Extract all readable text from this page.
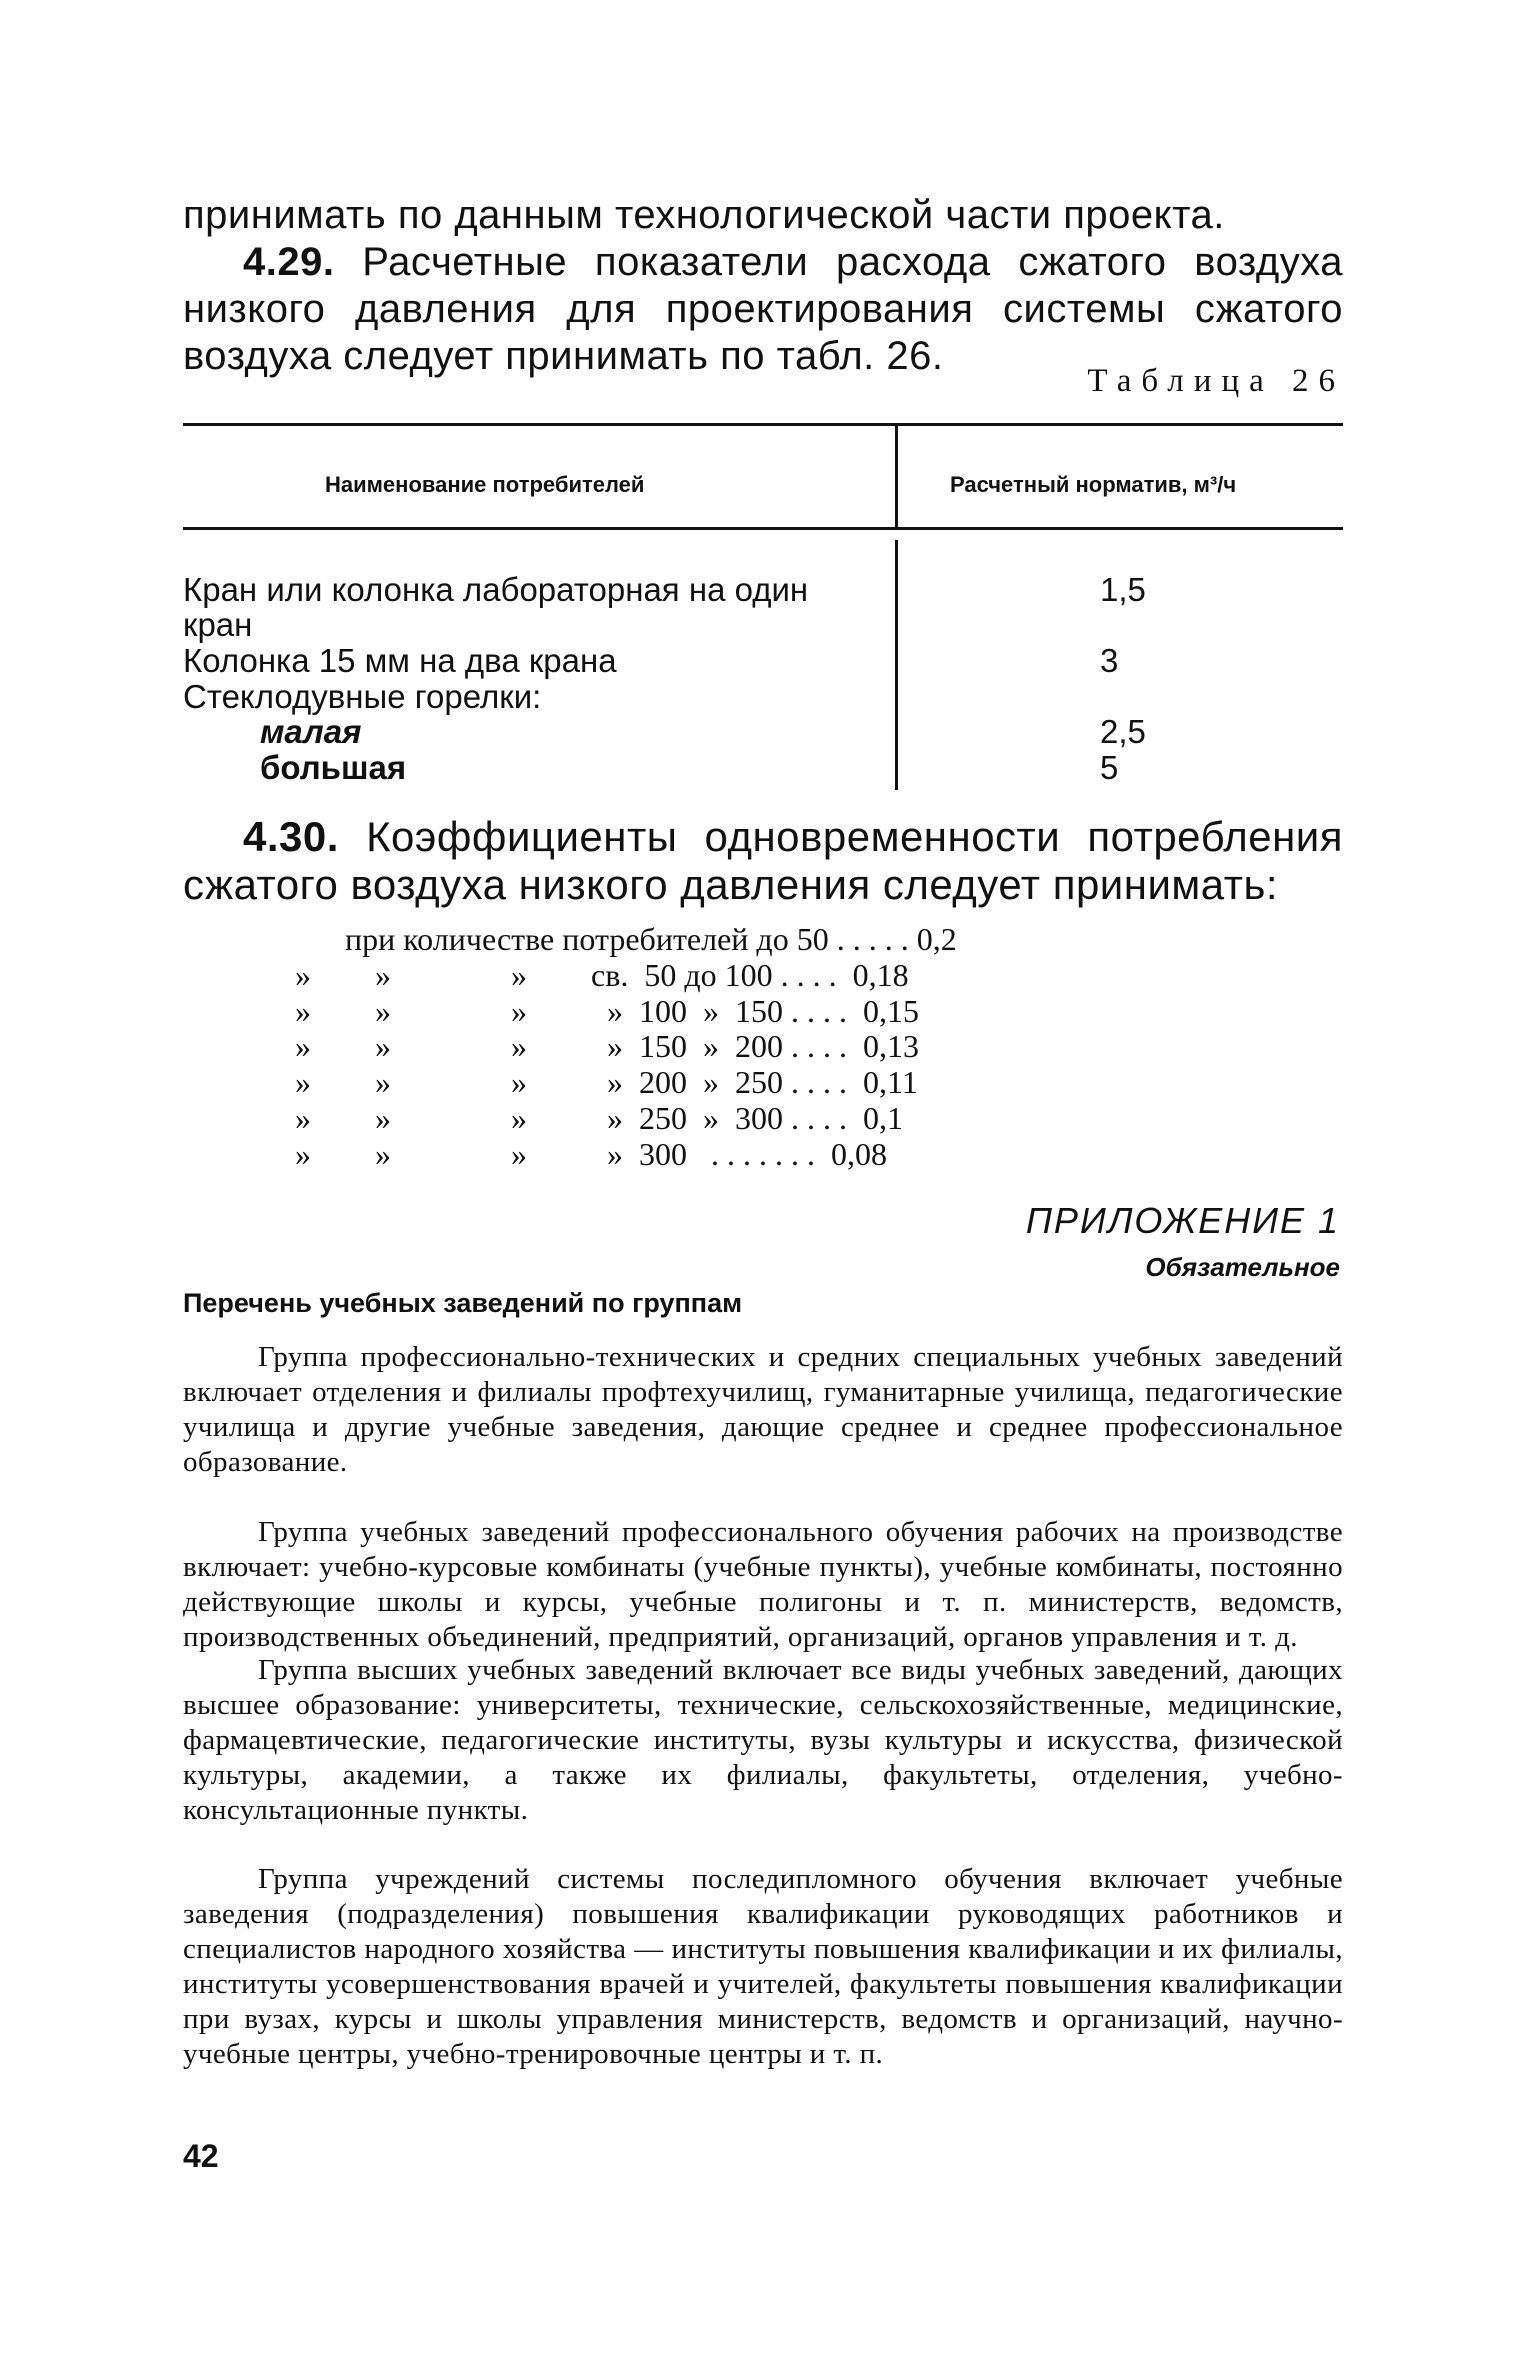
принимать по данным технологической части проекта.

4.29. Расчетные показатели расхода сжатого воздуха низкого давления для проектирования системы сжатого воздуха следует принимать по табл. 26.

Таблица 26
Наименование потребителей	Расчетный норматив, м³/ч
Кран или колонка лабораторная на один	1,5
кран
Колонка 15 мм на два крана	3
Стеклодувные горелки:
малая	2,5
большая	5

4.30. Коэффициенты одновременности потребления сжатого воздуха низкого давления следует принимать:

при количестве потребителей до 50 . . . . . 0,2
»        »               »        св.  50 до 100 . . . .  0,18
»        »               »          »  100  »  150 . . . .  0,15
»        »               »          »  150  »  200 . . . .  0,13
»        »               »          »  200  »  250 . . . .  0,11
»        »               »          »  250  »  300 . . . .  0,1
»        »               »          »  300   . . . . . . .  0,08
ПРИЛОЖЕНИЕ 1
Обязательное
Перечень учебных заведений по группам

Группа профессионально-технических и средних специальных учебных заведений включает отделения и филиалы профтехучилищ, гуманитарные училища, педагогические училища и другие учебные заведения, дающие среднее и среднее профессиональное образование.

Группа учебных заведений профессионального обучения рабочих на производстве включает: учебно-курсовые комбинаты (учебные пункты), учебные комбинаты, постоянно действующие школы и курсы, учебные полигоны и т. п. министерств, ведомств, производственных объединений, предприятий, организаций, органов управления и т. д.

Группа высших учебных заведений включает все виды учебных заведений, дающих высшее образование: университеты, технические, сельскохозяйственные, медицинские, фармацевтические, педагогические институты, вузы культуры и искусства, физической культуры, академии, а также их филиалы, факультеты, отделения, учебно-консультационные пункты.

Группа учреждений системы последипломного обучения включает учебные заведения (подразделения) повышения квалификации руководящих работников и специалистов народного хозяйства — институты повышения квалификации и их филиалы, институты усовершенствования врачей и учителей, факультеты повышения квалификации при вузах, курсы и школы управления министерств, ведомств и организаций, научно-учебные центры, учебно-тренировочные центры и т. п.

42
